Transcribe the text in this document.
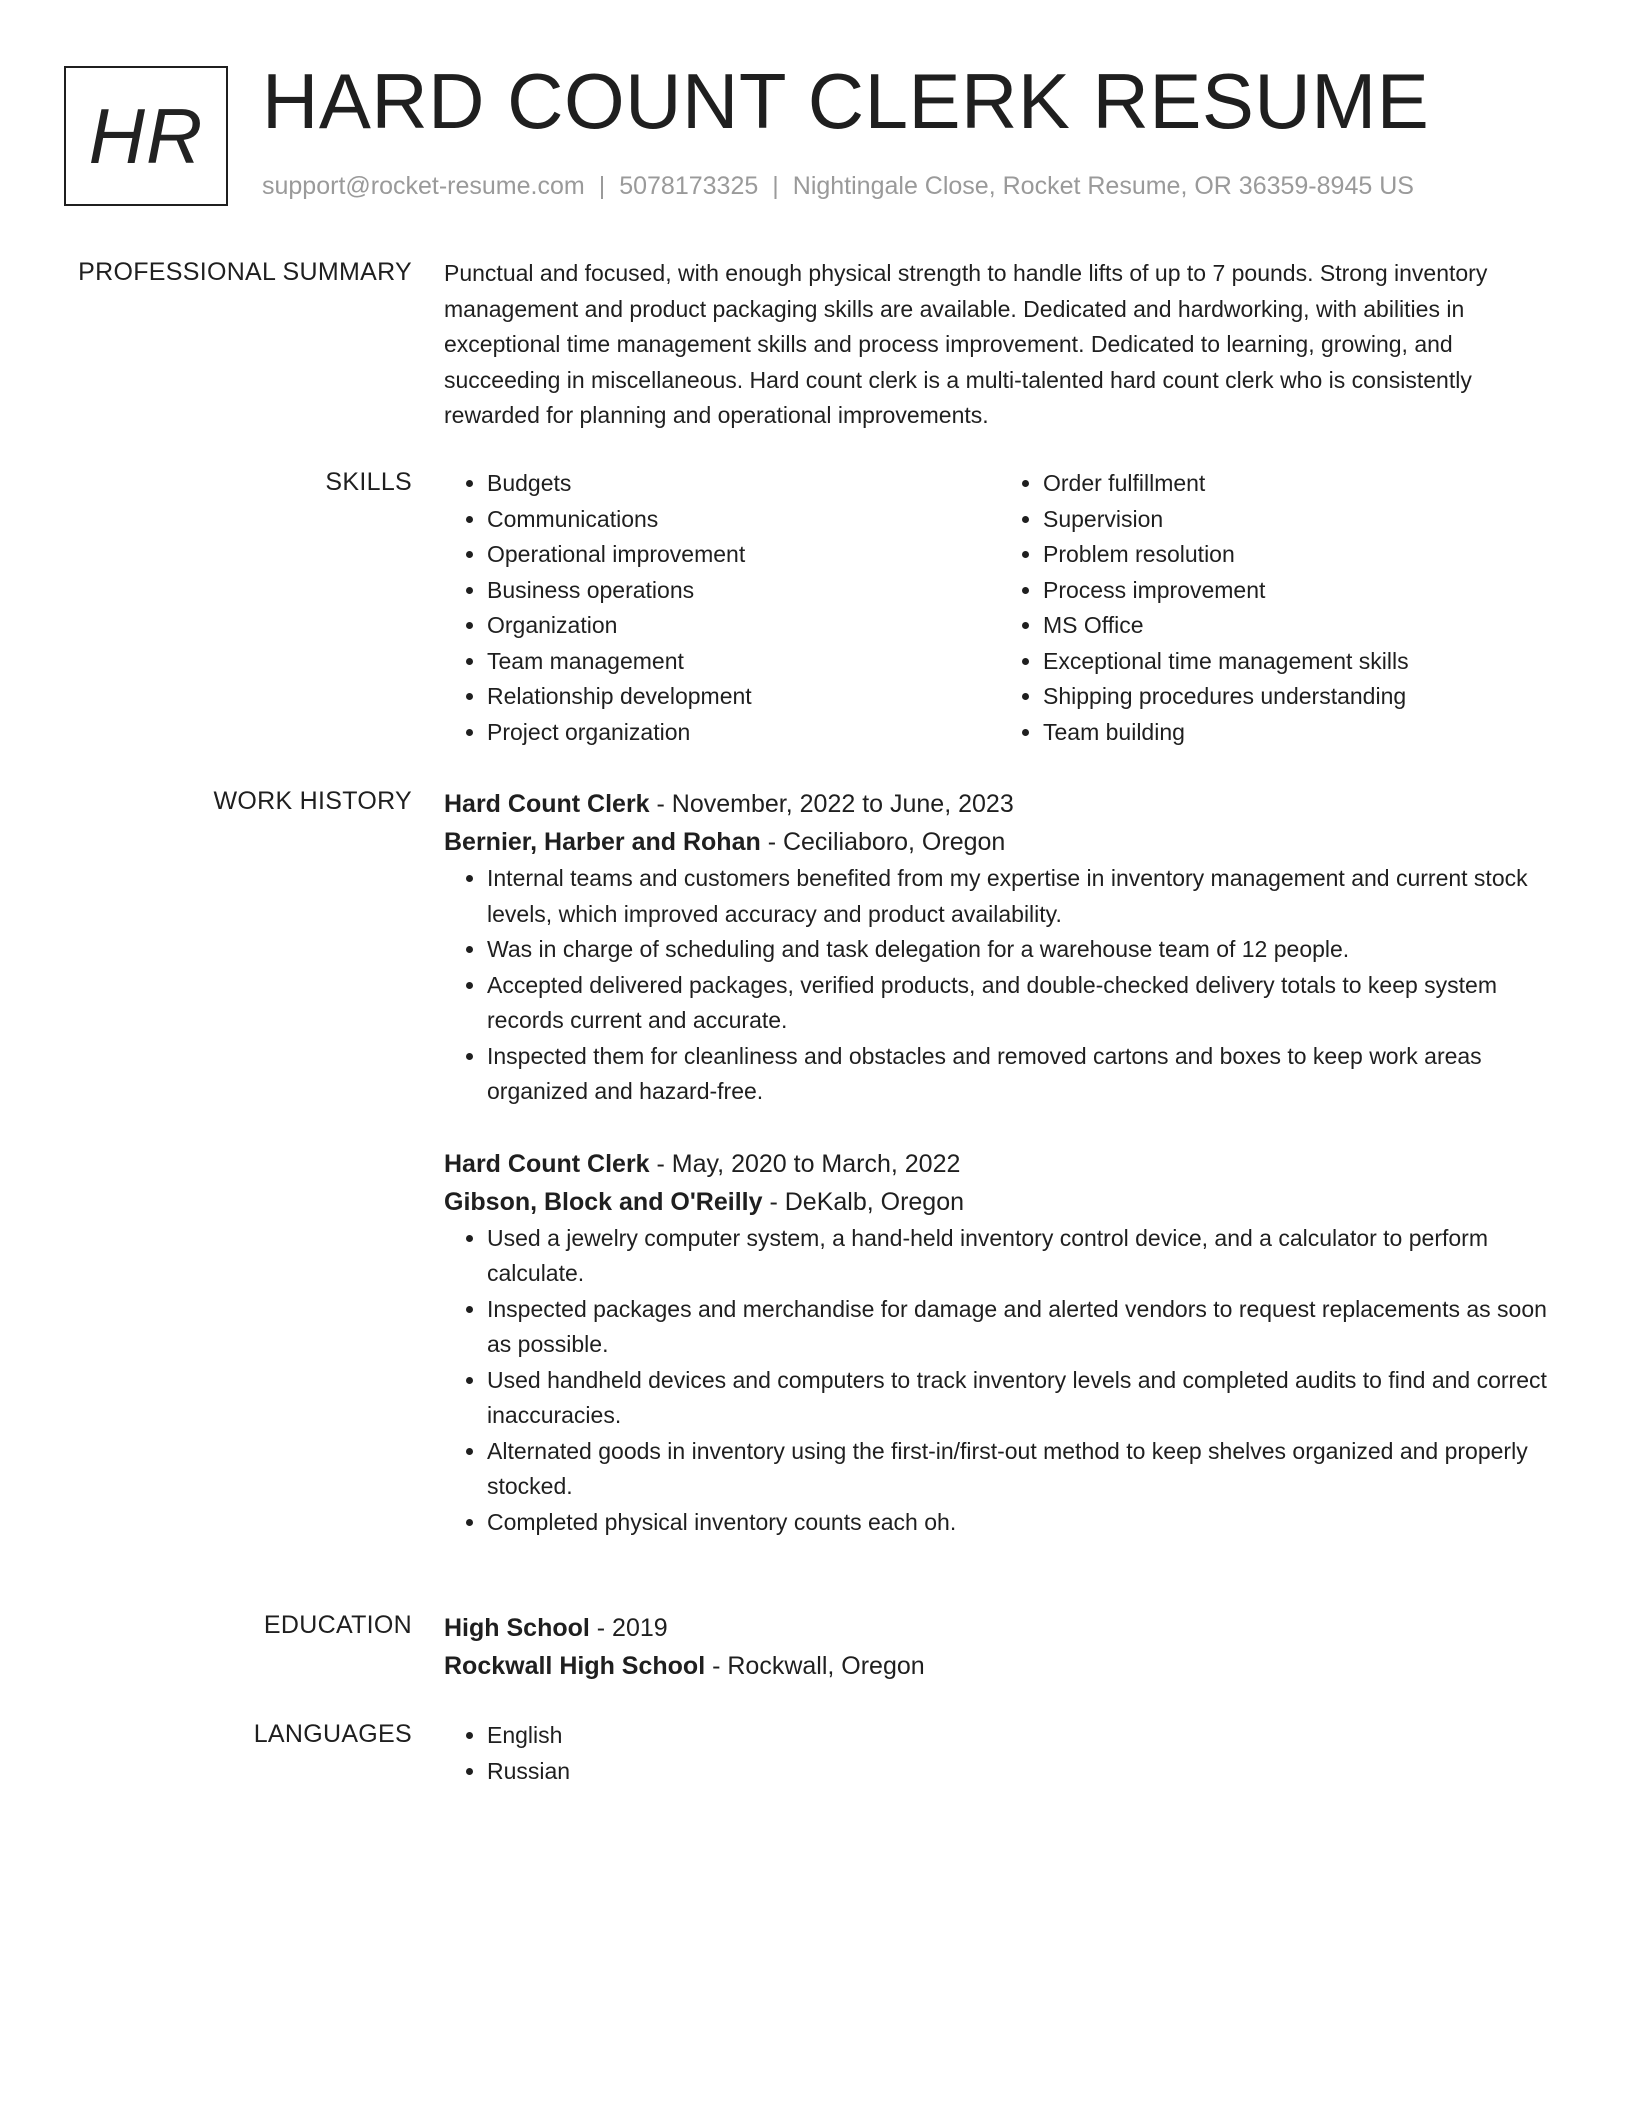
HR HARD COUNT CLERK RESUME
support@rocket-resume.com | 5078173325 | Nightingale Close, Rocket Resume, OR 36359-8945 US
PROFESSIONAL SUMMARY Punctual and focused, with enough physical strength to handle lifts of up to 7 pounds. Strong inventory management and product packaging skills are available. Dedicated and hardworking, with abilities in exceptional time management skills and process improvement. Dedicated to learning, growing, and succeeding in miscellaneous. Hard count clerk is a multi-talented hard count clerk who is consistently rewarded for planning and operational improvements.
SKILLS	• Budgets
• Communications
• Operational improvement
• Business operations
• Organization
• Team management
• Relationship development
• Project organization
• Order fulfillment
• Supervision
• Problem resolution
• Process improvement
• MS Office
• Exceptional time management skills
• Shipping procedures understanding
• Team building
WORK HISTORY Hard Count Clerk - November, 2022 to June, 2023
Bernier, Harber and Rohan - Ceciliaboro, Oregon
• Internal teams and customers benefited from my expertise in inventory management and current stock levels, which improved accuracy and product availability.
• Was in charge of scheduling and task delegation for a warehouse team of 12 people.
• Accepted delivered packages, verified products, and double-checked delivery totals to keep system records current and accurate.
• Inspected them for cleanliness and obstacles and removed cartons and boxes to keep work areas organized and hazard-free.
Hard Count Clerk - May, 2020 to March, 2022
Gibson, Block and O'Reilly - DeKalb, Oregon
• Used a jewelry computer system, a hand-held inventory control device, and a calculator to perform calculate.
• Inspected packages and merchandise for damage and alerted vendors to request replacements as soon as possible.
• Used handheld devices and computers to track inventory levels and completed audits to find and correct inaccuracies.
• Alternated goods in inventory using the first-in/first-out method to keep shelves organized and properly stocked.
• Completed physical inventory counts each oh.
EDUCATION High School - 2019
Rockwall High School - Rockwall, Oregon
LANGUAGES	• English
• Russian
